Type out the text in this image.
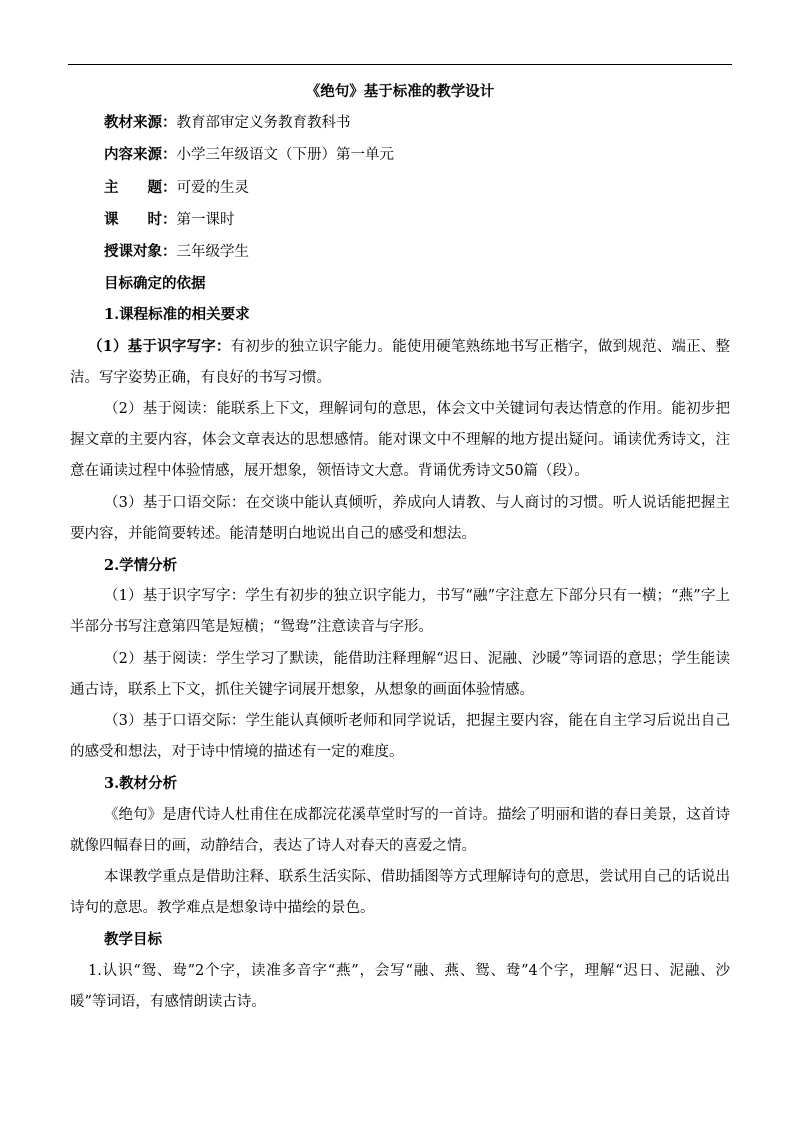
《绝句》基于标准的教学设计

教材来源：教育部审定义务教育教科书

内容来源：小学三年级语文（下册）第一单元

主　　题：可爱的生灵

课　　时：第一课时

授课对象：三年级学生

目标确定的依据

1.课程标准的相关要求

（1）基于识字写字：有初步的独立识字能力。能使用硬笔熟练地书写正楷字，做到规范、端正、整洁。写字姿势正确，有良好的书写习惯。

（2）基于阅读：能联系上下文，理解词句的意思，体会文中关键词句表达情意的作用。能初步把握文章的主要内容，体会文章表达的思想感情。能对课文中不理解的地方提出疑问。诵读优秀诗文，注意在诵读过程中体验情感，展开想象，领悟诗文大意。背诵优秀诗文50篇（段）。

（3）基于口语交际：在交谈中能认真倾听，养成向人请教、与人商讨的习惯。听人说话能把握主要内容，并能简要转述。能清楚明白地说出自己的感受和想法。

2.学情分析

（1）基于识字写字：学生有初步的独立识字能力，书写“融”字注意左下部分只有一横；“燕”字上半部分书写注意第四笔是短横；“鸳鸯”注意读音与字形。

（2）基于阅读：学生学习了默读，能借助注释理解“迟日、泥融、沙暖”等词语的意思；学生能读通古诗，联系上下文，抓住关键字词展开想象，从想象的画面体验情感。

（3）基于口语交际：学生能认真倾听老师和同学说话，把握主要内容，能在自主学习后说出自己的感受和想法，对于诗中情境的描述有一定的难度。

3.教材分析

《绝句》是唐代诗人杜甫住在成都浣花溪草堂时写的一首诗。描绘了明丽和谐的春日美景，这首诗就像四幅春日的画，动静结合，表达了诗人对春天的喜爱之情。

本课教学重点是借助注释、联系生活实际、借助插图等方式理解诗句的意思，尝试用自己的话说出诗句的意思。教学难点是想象诗中描绘的景色。

教学目标

1.认识“鸳、鸯”2个字，读准多音字“燕”，会写“融、燕、鸳、鸯”4个字，理解“迟日、泥融、沙暖”等词语，有感情朗读古诗。
